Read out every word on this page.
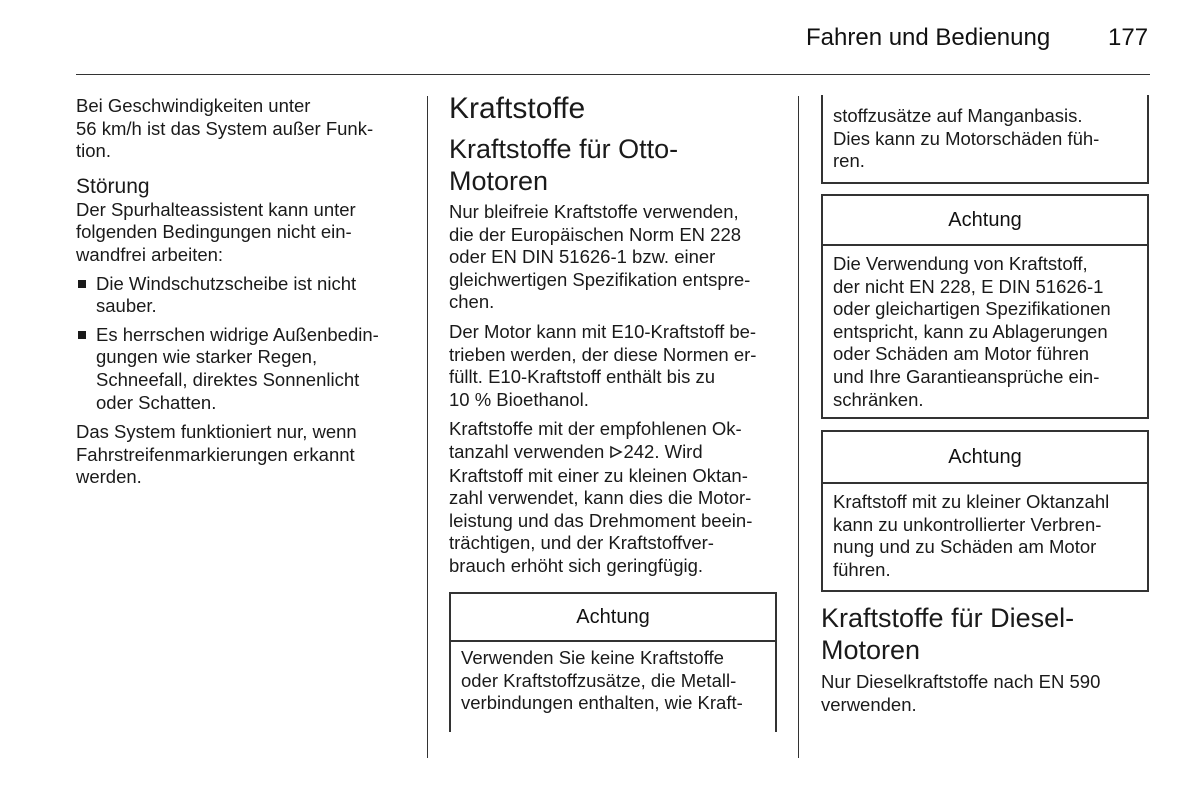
Fahren und Bedienung 177

Bei Geschwindigkeiten unter
56 km/h ist das System außer Funk-
tion.

Störung

Der Spurhalteassistent kann unter
folgenden Bedingungen nicht ein-
wandfrei arbeiten:

Die Windschutzscheibe ist nicht
sauber.

Es herrschen widrige Außenbedin-
gungen wie starker Regen,
Schneefall, direktes Sonnenlicht
oder Schatten.

Das System funktioniert nur, wenn
Fahrstreifenmarkierungen erkannt
werden.

Kraftstoffe
Kraftstoffe für Otto-
Motoren

Nur bleifreie Kraftstoffe verwenden,
die der Europäischen Norm EN 228
oder EN DIN 51626-1 bzw. einer
gleichwertigen Spezifikation entspre-
chen.

Der Motor kann mit E10-Kraftstoff be-
trieben werden, der diese Normen er-
füllt. E10-Kraftstoff enthält bis zu
10 % Bioethanol.

Kraftstoffe mit der empfohlenen Ok-
tanzahl verwenden 242. Wird
Kraftstoff mit einer zu kleinen Oktan-
zahl verwendet, kann dies die Motor-
leistung und das Drehmoment beein-
trächtigen, und der Kraftstoffver-
brauch erhöht sich geringfügig.

Achtung

Verwenden Sie keine Kraftstoffe
oder Kraftstoffzusätze, die Metall-
verbindungen enthalten, wie Kraft-

stoffzusätze auf Manganbasis.
Dies kann zu Motorschäden füh-
ren.

Achtung

Die Verwendung von Kraftstoff,
der nicht EN 228, E DIN 51626-1
oder gleichartigen Spezifikationen
entspricht, kann zu Ablagerungen
oder Schäden am Motor führen
und Ihre Garantieansprüche ein-
schränken.

Achtung

Kraftstoff mit zu kleiner Oktanzahl
kann zu unkontrollierter Verbren-
nung und zu Schäden am Motor
führen.

Kraftstoffe für Diesel-
Motoren

Nur Dieselkraftstoffe nach EN 590
verwenden.
